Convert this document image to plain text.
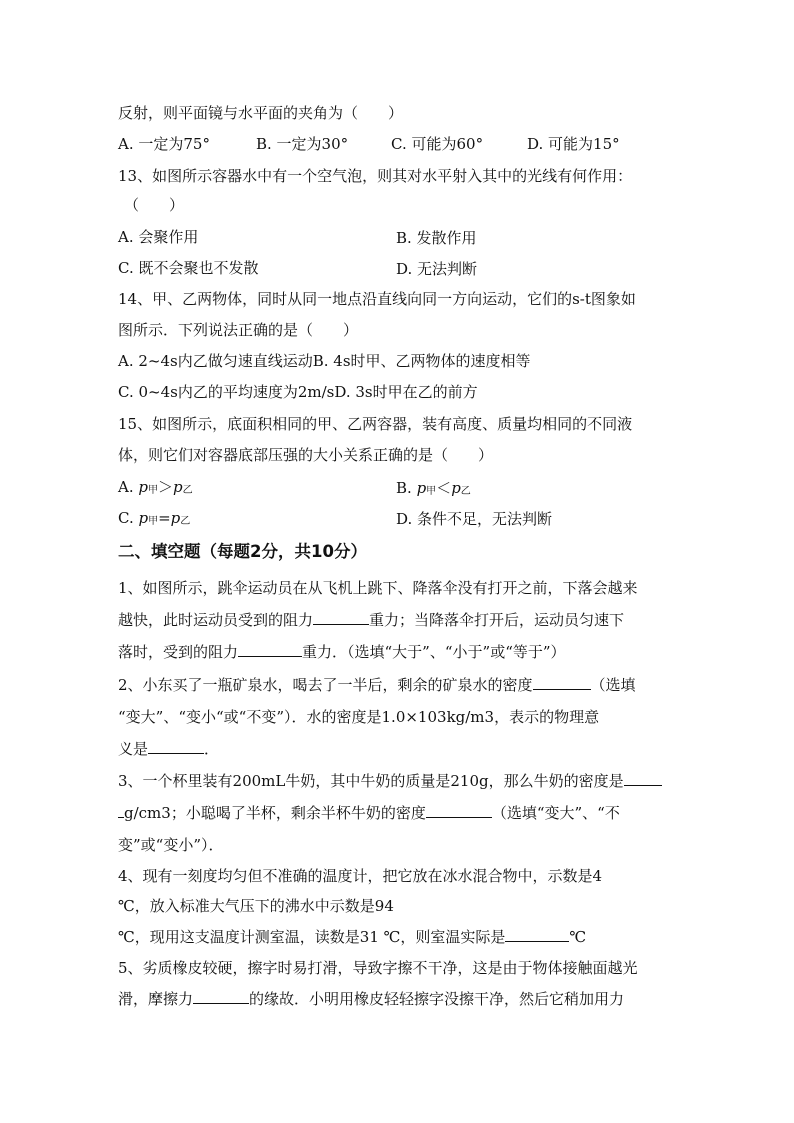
反射，则平面镜与水平面的夹角为（　　）
A. 一定为75°	B. 一定为30°	C. 可能为60°	D. 可能为15°
13、如图所示容器水中有一个空气泡，则其对水平射入其中的光线有何作用：
（　　）
A. 会聚作用	B. 发散作用
C. 既不会聚也不发散	D. 无法判断
14、甲、乙两物体，同时从同一地点沿直线向同一方向运动，它们的s-t图象如
图所示．下列说法正确的是（　　）
A. 2~4s内乙做匀速直线运动B. 4s时甲、乙两物体的速度相等
C. 0~4s内乙的平均速度为2m/sD. 3s时甲在乙的前方
15、如图所示，底面积相同的甲、乙两容器，装有高度、质量均相同的不同液
体，则它们对容器底部压强的大小关系正确的是（　　）
A. p甲＞p乙	B. p甲＜p乙
C. p甲=p乙	D. 条件不足，无法判断
二、填空题（每题2分，共10分）
1、如图所示，跳伞运动员在从飞机上跳下、降落伞没有打开之前，下落会越来
越快，此时运动员受到的阻力	重力；当降落伞打开后，运动员匀速下
落时，受到的阻力	重力．（选填“大于”、“小于”或“等于”）
2、小东买了一瓶矿泉水，喝去了一半后，剩余的矿泉水的密度	（选填
“变大”、“变小“或“不变”）．水的密度是1.0×103kg/m3，表示的物理意
义是	．
3、一个杯里装有200mL牛奶，其中牛奶的质量是210g，那么牛奶的密度是
g/cm3；小聪喝了半杯，剩余半杯牛奶的密度	（选填“变大”、“不
变”或“变小”）．
4、现有一刻度均匀但不准确的温度计，把它放在冰水混合物中，示数是4
℃，放入标准大气压下的沸水中示数是94
℃，现用这支温度计测室温，读数是31 ℃，则室温实际是	℃
5、劣质橡皮较硬，擦字时易打滑，导致字擦不干净，这是由于物体接触面越光
滑，摩擦力	的缘故．小明用橡皮轻轻擦字没擦干净，然后它稍加用力
